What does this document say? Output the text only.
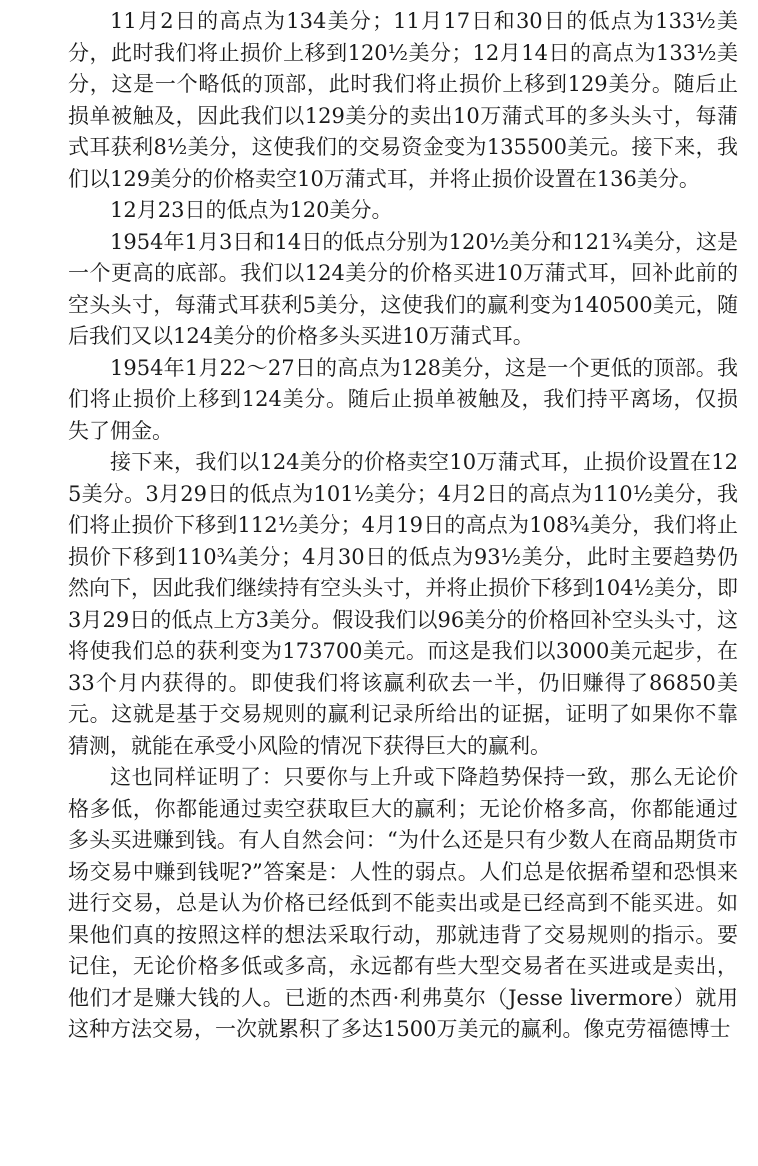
11月2日的高点为134美分；11月17日和30日的低点为133½美分，此时我们将止损价上移到120½美分；12月14日的高点为133½美分，这是一个略低的顶部，此时我们将止损价上移到129美分。随后止损单被触及，因此我们以129美分的卖出10万蒲式耳的多头头寸，每蒲式耳获利8½美分，这使我们的交易资金变为135500美元。接下来，我们以129美分的价格卖空10万蒲式耳，并将止损价设置在136美分。

12月23日的低点为120美分。

1954年1月3日和14日的低点分别为120½美分和121¾美分，这是一个更高的底部。我们以124美分的价格买进10万蒲式耳，回补此前的空头头寸，每蒲式耳获利5美分，这使我们的赢利变为140500美元，随后我们又以124美分的价格多头买进10万蒲式耳。

1954年1月22～27日的高点为128美分，这是一个更低的顶部。我们将止损价上移到124美分。随后止损单被触及，我们持平离场，仅损失了佣金。

接下来，我们以124美分的价格卖空10万蒲式耳，止损价设置在125美分。3月29日的低点为101½美分；4月2日的高点为110½美分，我们将止损价下移到112½美分；4月19日的高点为108¾美分，我们将止损价下移到110¾美分；4月30日的低点为93½美分，此时主要趋势仍然向下，因此我们继续持有空头头寸，并将止损价下移到104½美分，即3月29日的低点上方3美分。假设我们以96美分的价格回补空头头寸，这将使我们总的获利变为173700美元。而这是我们以3000美元起步，在33个月内获得的。即使我们将该赢利砍去一半，仍旧赚得了86850美元。这就是基于交易规则的赢利记录所给出的证据，证明了如果你不靠猜测，就能在承受小风险的情况下获得巨大的赢利。

这也同样证明了：只要你与上升或下降趋势保持一致，那么无论价格多低，你都能通过卖空获取巨大的赢利；无论价格多高，你都能通过多头买进赚到钱。有人自然会问：“为什么还是只有少数人在商品期货市场交易中赚到钱呢?”答案是：人性的弱点。人们总是依据希望和恐惧来进行交易，总是认为价格已经低到不能卖出或是已经高到不能买进。如果他们真的按照这样的想法采取行动，那就违背了交易规则的指示。要记住，无论价格多低或多高，永远都有些大型交易者在买进或是卖出，他们才是赚大钱的人。已逝的杰西·利弗莫尔（Jesse livermore）就用这种方法交易，一次就累积了多达1500万美元的赢利。像克劳福德博士
